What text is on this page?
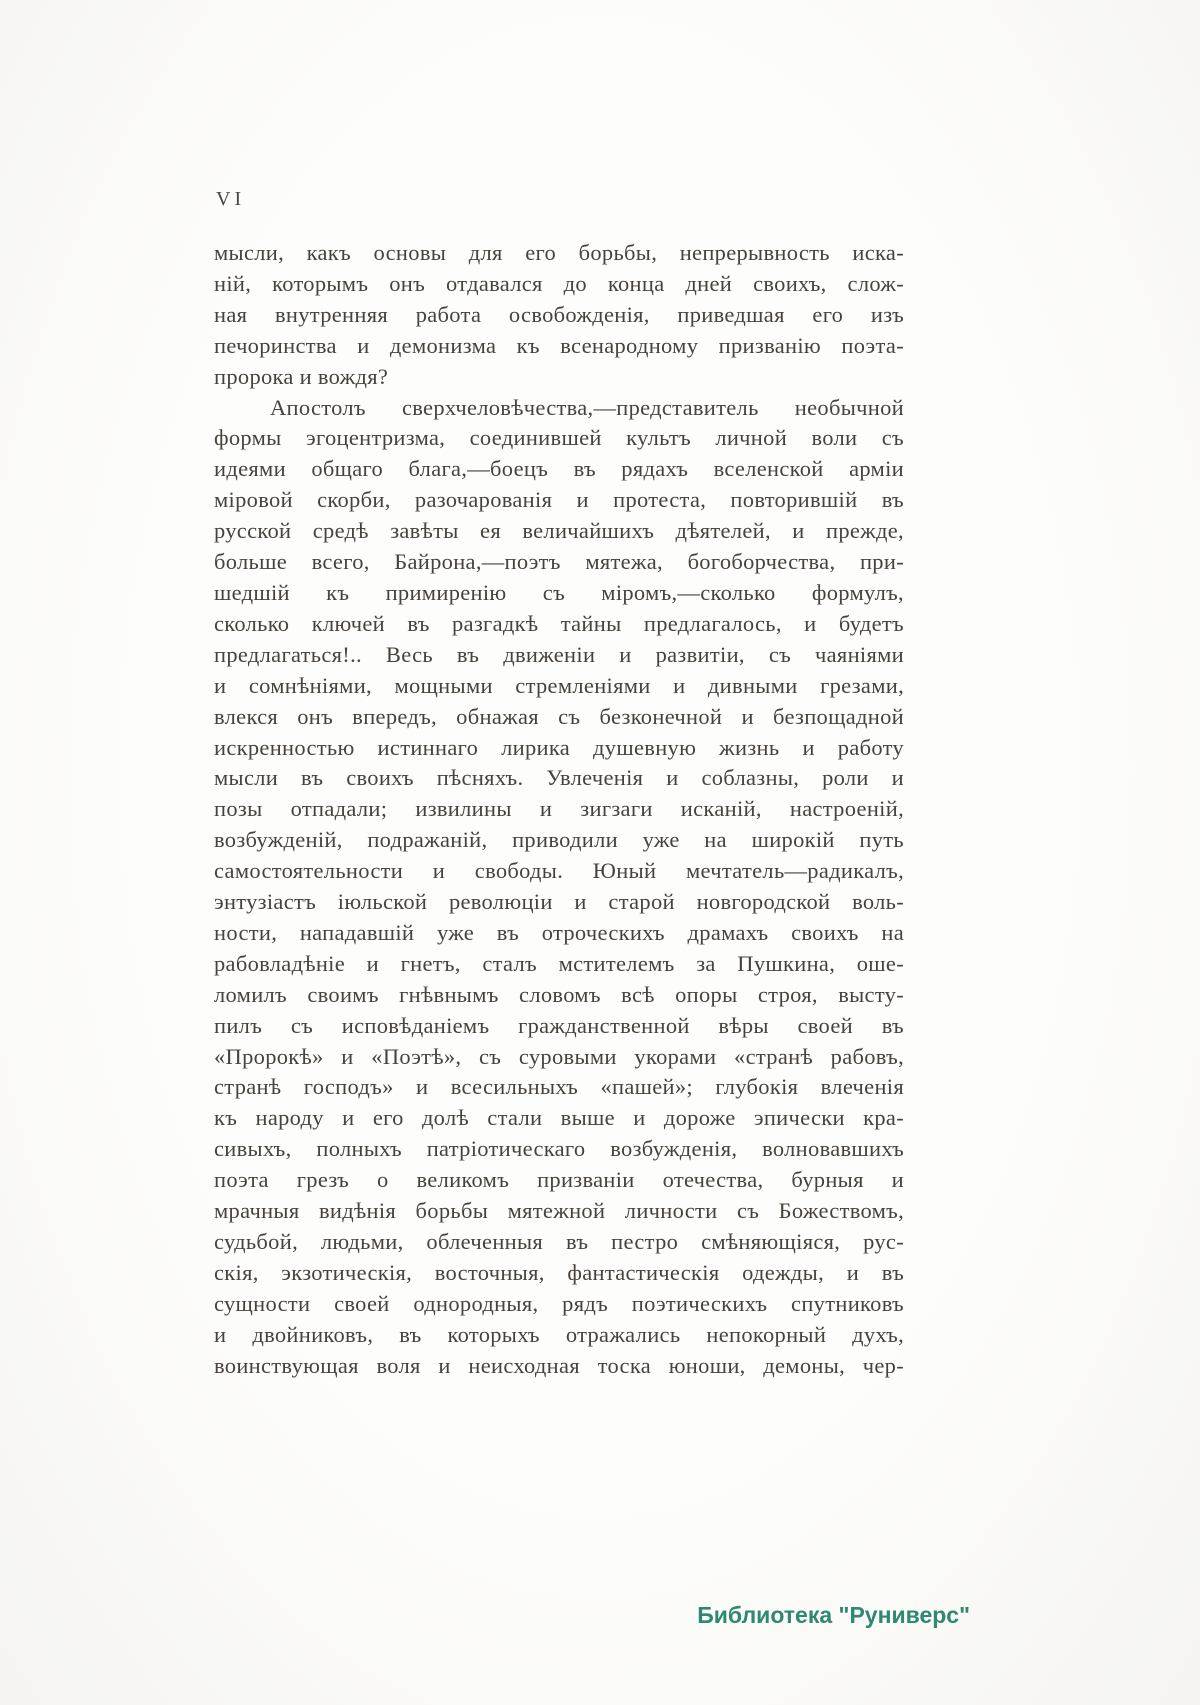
VI
мысли, какъ основы для его борьбы, непрерывность иска-
ній, которымъ онъ отдавался до конца дней своихъ, слож-
ная внутренняя работа освобожденія, приведшая его изъ
печоринства и демонизма къ всенародному призванію поэта-
пророка и вождя?
Апостолъ сверхчеловѣчества,—представитель необычной
формы эгоцентризма, соединившей культъ личной воли съ
идеями общаго блага,—боецъ въ рядахъ вселенской арміи
міровой скорби, разочарованія и протеста, повторившій въ
русской средѣ завѣты ея величайшихъ дѣятелей, и прежде,
больше всего, Байрона,—поэтъ мятежа, богоборчества, при-
шедшій къ примиренію съ міромъ,—сколько формулъ,
сколько ключей въ разгадкѣ тайны предлагалось, и будетъ
предлагаться!.. Весь въ движеніи и развитіи, съ чаяніями
и сомнѣніями, мощными стремленіями и дивными грезами,
влекся онъ впередъ, обнажая съ безконечной и безпощадной
искренностью истиннаго лирика душевную жизнь и работу
мысли въ своихъ пѣсняхъ. Увлеченія и соблазны, роли и
позы отпадали; извилины и зигзаги исканій, настроеній,
возбужденій, подражаній, приводили уже на широкій путь
самостоятельности и свободы. Юный мечтатель—радикалъ,
энтузіастъ іюльской революціи и старой новгородской воль-
ности, нападавшій уже въ отроческихъ драмахъ своихъ на
рабовладѣніе и гнетъ, сталъ мстителемъ за Пушкина, оше-
ломилъ своимъ гнѣвнымъ словомъ всѣ опоры строя, высту-
пилъ съ исповѣданіемъ гражданственной вѣры своей въ
«Пророкѣ» и «Поэтѣ», съ суровыми укорами «странѣ рабовъ,
странѣ господъ» и всесильныхъ «пашей»; глубокія влеченія
къ народу и его долѣ стали выше и дороже эпически кра-
сивыхъ, полныхъ патріотическаго возбужденія, волновавшихъ
поэта грезъ о великомъ призваніи отечества, бурныя и
мрачныя видѣнія борьбы мятежной личности съ Божествомъ,
судьбой, людьми, облеченныя въ пестро смѣняющіяся, рус-
скія, экзотическія, восточныя, фантастическія одежды, и въ
сущности своей однородныя, рядъ поэтическихъ спутниковъ
и двойниковъ, въ которыхъ отражались непокорный духъ,
воинствующая воля и неисходная тоска юноши, демоны, чер-
Библиотека "Руниверс"
